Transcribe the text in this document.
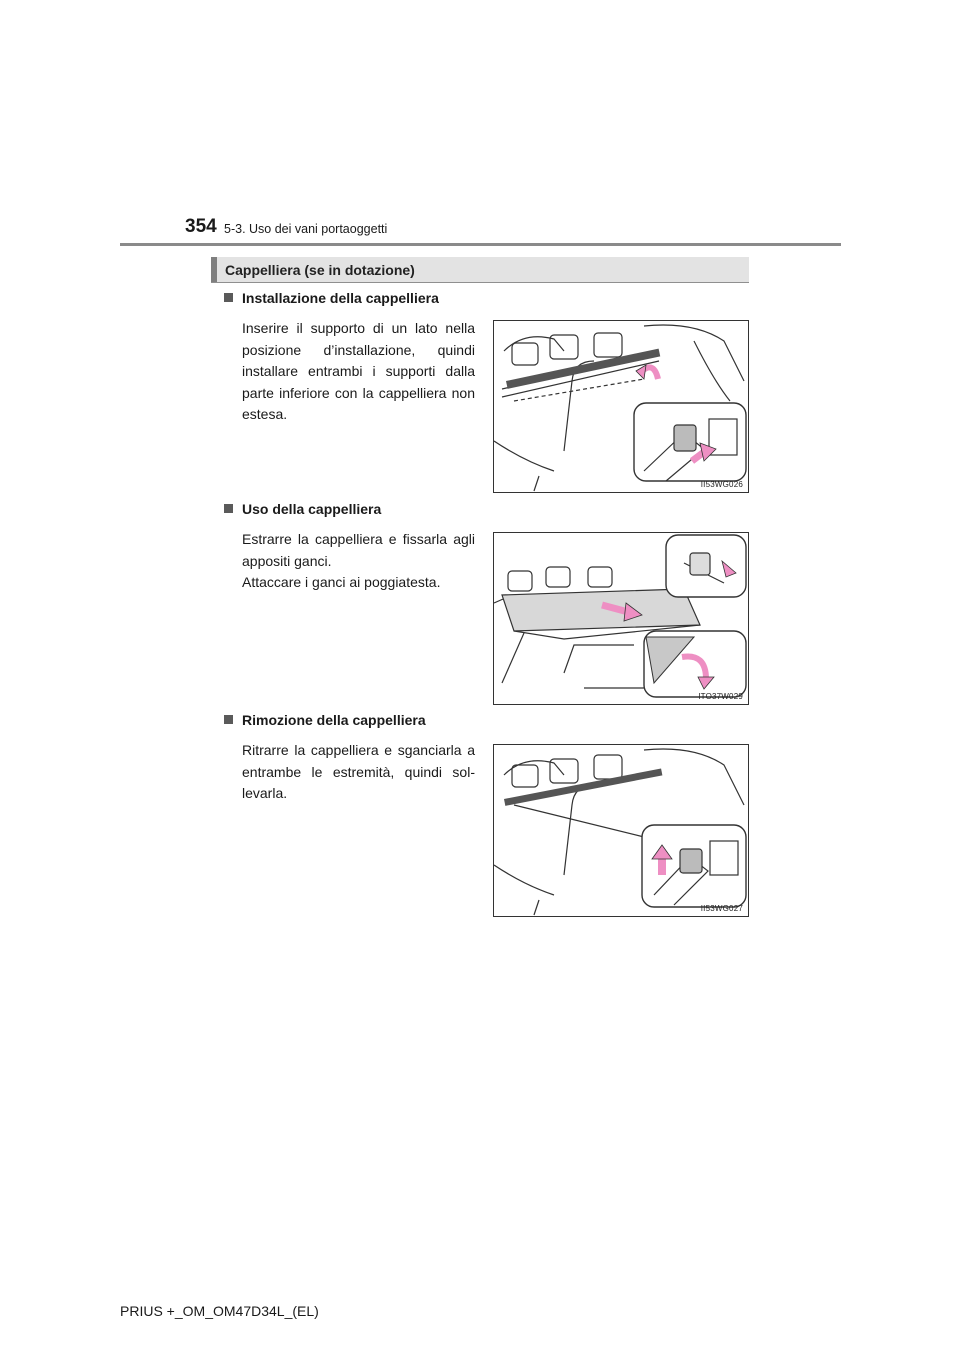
354 5-3. Uso dei vani portaoggetti
Cappelliera (se in dotazione)
Installazione della cappelliera
Inserire il supporto di un lato nella posizione d’installazione, quindi installare entrambi i supporti dalla parte inferiore con la cappelliera non estesa.
II53WG026
Uso della cappelliera
Estrarre la cappelliera e fissarla agli appositi ganci.
Attaccare i ganci ai poggiatesta.
ITO37W029
Rimozione della cappelliera
Ritrarre la cappelliera e sganciarla a entrambe le estremità, quindi sol-levarla.
II53WG027
PRIUS +_OM_OM47D34L_(EL)
